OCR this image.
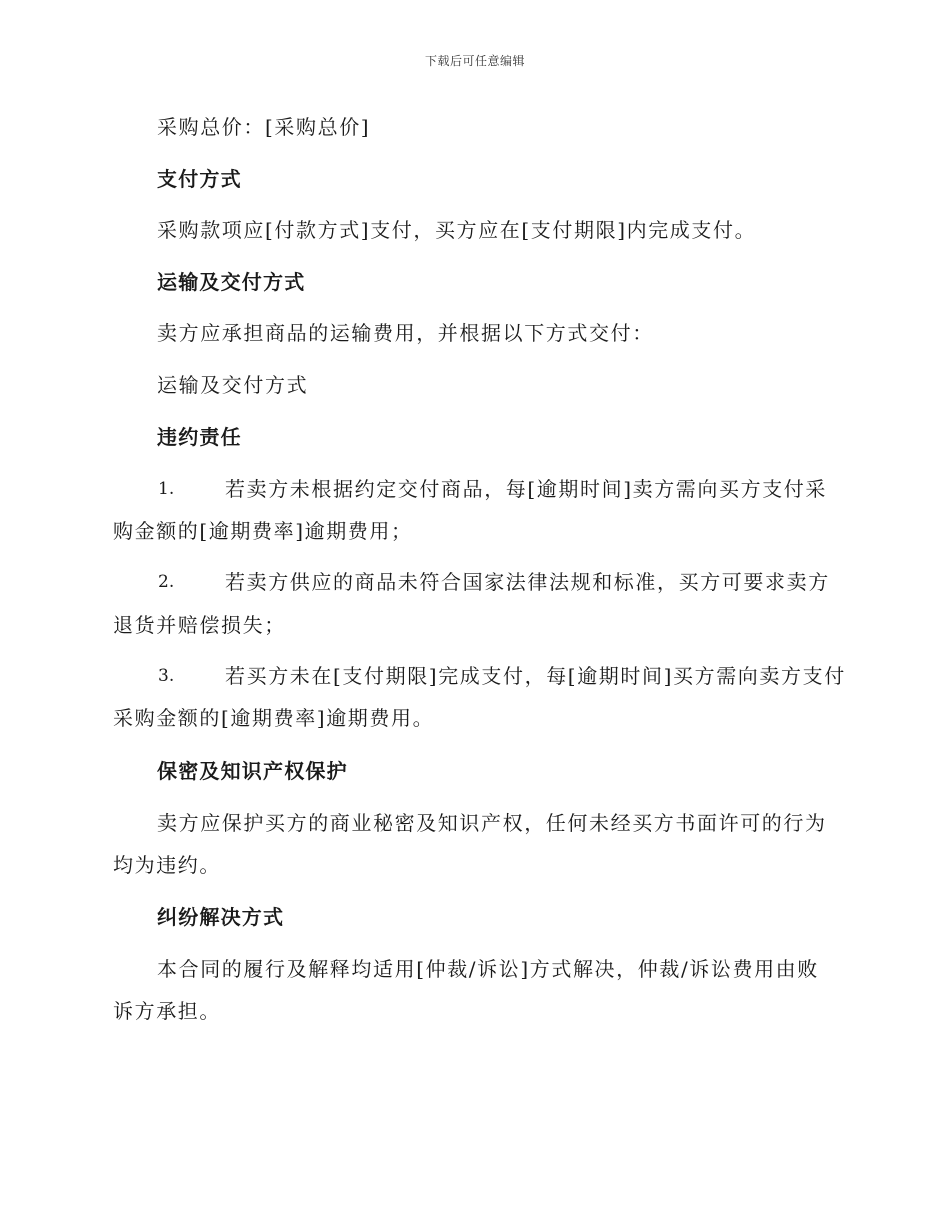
下载后可任意编辑
采购总价：[采购总价]
支付方式
采购款项应[付款方式]支付，买方应在[支付期限]内完成支付。
运输及交付方式
卖方应承担商品的运输费用，并根据以下方式交付：
运输及交付方式
违约责任
1.	若卖方未根据约定交付商品，每[逾期时间]卖方需向买方支付采
购金额的[逾期费率]逾期费用；
2.	若卖方供应的商品未符合国家法律法规和标准，买方可要求卖方
退货并赔偿损失；
3.	若买方未在[支付期限]完成支付，每[逾期时间]买方需向卖方支付
采购金额的[逾期费率]逾期费用。
保密及知识产权保护
卖方应保护买方的商业秘密及知识产权，任何未经买方书面许可的行为
均为违约。
纠纷解决方式
本合同的履行及解释均适用[仲裁/诉讼]方式解决，仲裁/诉讼费用由败
诉方承担。
